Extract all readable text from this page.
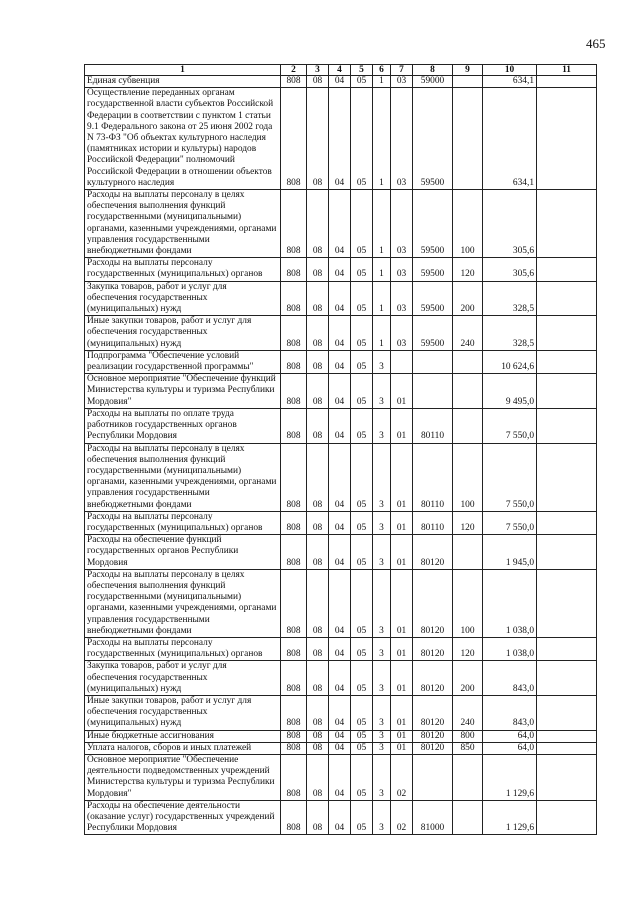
465
1	2	3	4	5	6	7	8	9	10	11
Единая субвенция	808	08	04	05	1	03	59000		634,1	
Осуществление переданных органам государственной власти субъектов Российской Федерации в соответствии с пунктом 1 статьи 9.1 Федерального закона от 25 июня 2002 года N 73-ФЗ "Об объектах культурного наследия (памятниках истории и культуры) народов Российской Федерации" полномочий Российской Федерации в отношении объектов культурного наследия	808	08	04	05	1	03	59500		634,1	
Расходы на выплаты персоналу в целях обеспечения выполнения функций государственными (муниципальными) органами, казенными учреждениями, органами управления государственными внебюджетными фондами	808	08	04	05	1	03	59500	100	305,6	
Расходы на выплаты персоналу государственных (муниципальных) органов	808	08	04	05	1	03	59500	120	305,6	
Закупка товаров, работ и услуг для обеспечения государственных (муниципальных) нужд	808	08	04	05	1	03	59500	200	328,5	
Иные закупки товаров, работ и услуг для обеспечения государственных (муниципальных) нужд	808	08	04	05	1	03	59500	240	328,5	
Подпрограмма "Обеспечение условий реализации государственной программы"	808	08	04	05	3				10 624,6	
Основное мероприятие "Обеспечение функций Министерства культуры и туризма Республики Мордовия"	808	08	04	05	3	01			9 495,0	
Расходы на выплаты по оплате труда работников государственных органов Республики Мордовия	808	08	04	05	3	01	80110		7 550,0	
Расходы на выплаты персоналу в целях обеспечения выполнения функций государственными (муниципальными) органами, казенными учреждениями, органами управления государственными внебюджетными фондами	808	08	04	05	3	01	80110	100	7 550,0	
Расходы на выплаты персоналу государственных (муниципальных) органов	808	08	04	05	3	01	80110	120	7 550,0	
Расходы на обеспечение функций государственных органов Республики Мордовия	808	08	04	05	3	01	80120		1 945,0	
Расходы на выплаты персоналу в целях обеспечения выполнения функций государственными (муниципальными) органами, казенными учреждениями, органами управления государственными внебюджетными фондами	808	08	04	05	3	01	80120	100	1 038,0	
Расходы на выплаты персоналу государственных (муниципальных) органов	808	08	04	05	3	01	80120	120	1 038,0	
Закупка товаров, работ и услуг для обеспечения государственных (муниципальных) нужд	808	08	04	05	3	01	80120	200	843,0	
Иные закупки товаров, работ и услуг для обеспечения государственных (муниципальных) нужд	808	08	04	05	3	01	80120	240	843,0	
Иные бюджетные ассигнования	808	08	04	05	3	01	80120	800	64,0	
Уплата налогов, сборов и иных платежей	808	08	04	05	3	01	80120	850	64,0	
Основное мероприятие "Обеспечение деятельности подведомственных учреждений Министерства культуры и туризма Республики Мордовия"	808	08	04	05	3	02			1 129,6	
Расходы на обеспечение деятельности (оказание услуг) государственных учреждений Республики Мордовия	808	08	04	05	3	02	81000		1 129,6	
